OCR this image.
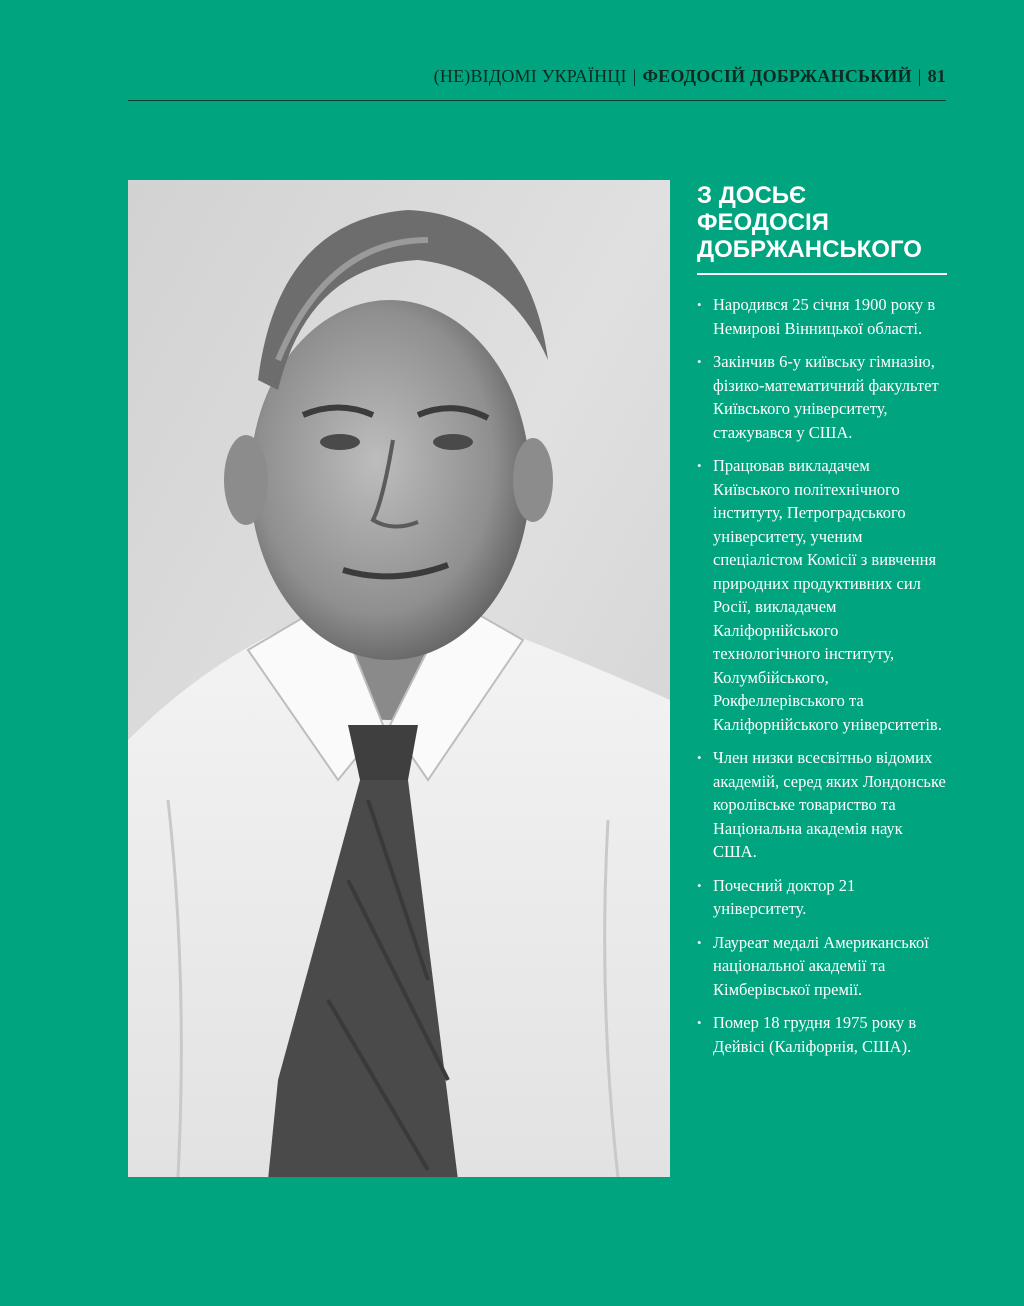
(НЕ)ВІДОМІ УКРАЇНЦІ | ФЕОДОСІЙ ДОБРЖАНСЬКИЙ | 81
З ДОСЬЄ
ФЕОДОСІЯ
ДОБРЖАНСЬКОГО
• Народився 25 січня 1900 року в Немирові Вінницької області.
• Закінчив 6-у київську гімназію, фізико-математичний факультет Київського університету, стажувався у США.
• Працював викладачем Київського політехнічного інституту, Петроградського університету, ученим спеціалістом Комісії з вивчення природних продуктивних сил Росії, викладачем Каліфорнійського технологічного інституту, Колумбійського, Рокфеллерівського та Каліфорнійського університетів.
• Член низки всесвітньо відомих академій, серед яких Лондонське королівське товариство та Національна академія наук США.
• Почесний доктор 21 університету.
• Лауреат медалі Американської національної академії та Кімберівської премії.
• Помер 18 грудня 1975 року в Дейвісі (Каліфорнія, США).
